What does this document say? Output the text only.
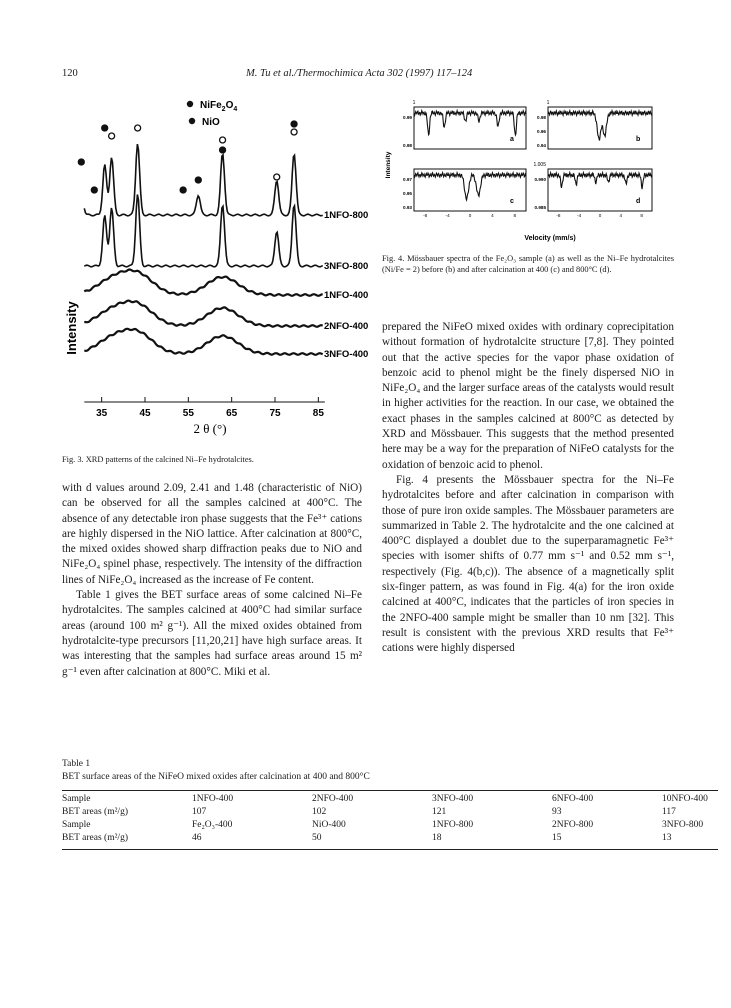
120	M. Tu et al./Thermochimica Acta 302 (1997) 117–124
$NiFe_2O_4$
NiO
1NFO-800
3NFO-800
1NFO-400
2NFO-400
3NFO-400
Intensity
35	45	55	65	75	85
2 θ (°)
Fig. 3. XRD patterns of the calcined Ni–Fe hydrotalcites.
Intensity
a
1
0.99
0.98
b
1
0.98
0.96
0.94
c
0.97
0.95
0.93
-8	-4	0	4	8
d
1.005
0.990
0.985
-8	-4	0	4	8
Velocity (mm/s)
Fig. 4. Mössbauer spectra of the Fe₂O₃ sample (a) as well as the Ni–Fe hydrotalcites (Ni/Fe = 2) before (b) and after calcination at 400 (c) and 800°C (d).

with d values around 2.09, 2.41 and 1.48 (characteristic of NiO) can be observed for all the samples calcined at 400°C. The absence of any detectable iron phase suggests that the Fe³⁺ cations are highly dispersed in the NiO lattice. After calcination at 800°C, the mixed oxides showed sharp diffraction peaks due to NiO and NiFe₂O₄ spinel phase, respectively. The intensity of the diffraction lines of NiFe₂O₄ increased as the increase of Fe content.

Table 1 gives the BET surface areas of some calcined Ni–Fe hydrotalcites. The samples calcined at 400°C had similar surface areas (around 100 m² g⁻¹). All the mixed oxides obtained from hydrotalcite-type precursors [11,20,21] have high surface areas. It was interesting that the samples had surface areas around 15 m² g⁻¹ even after calcination at 800°C. Miki et al.

prepared the NiFeO mixed oxides with ordinary coprecipitation without formation of hydrotalcite structure [7,8]. They pointed out that the active species for the vapor phase oxidation of benzoic acid to phenol might be the finely dispersed NiO in NiFe₂O₄ and the larger surface areas of the catalysts would result in higher activities for the reaction. In our case, we obtained the exact phases in the samples calcined at 800°C as detected by XRD and Mössbauer. This suggests that the method presented here may be a way for the preparation of NiFeO catalysts for the oxidation of benzoic acid to phenol.

Fig. 4 presents the Mössbauer spectra for the Ni–Fe hydrotalcites before and after calcination in comparison with those of pure iron oxide samples. The Mössbauer parameters are summarized in Table 2. The hydrotalcite and the one calcined at 400°C displayed a doublet due to the superparamagnetic Fe³⁺ species with isomer shifts of 0.77 mm s⁻¹ and 0.52 mm s⁻¹, respectively (Fig. 4(b,c)). The absence of a magnetically split six-finger pattern, as was found in Fig. 4(a) for the iron oxide calcined at 400°C, indicates that the particles of iron species in the 2NFO-400 sample might be smaller than 10 nm [32]. This result is consistent with the previous XRD results that Fe³⁺ cations were highly dispersed

Table 1
BET surface areas of the NiFeO mixed oxides after calcination at 400 and 800°C
Sample	1NFO-400	2NFO-400	3NFO-400	6NFO-400	10NFO-400
BET areas (m²/g)	107	102	121	93	117
Sample	Fe₂O₃-400	NiO-400	1NFO-800	2NFO-800	3NFO-800
BET areas (m²/g)	46	50	18	15	13
